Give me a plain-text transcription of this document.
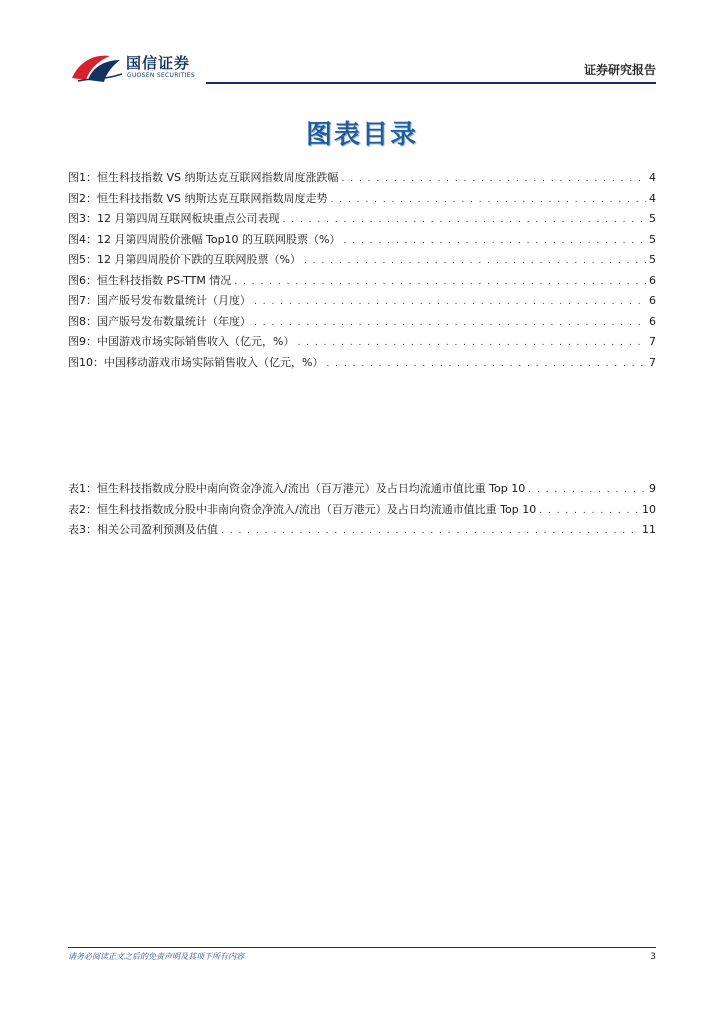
国信证券
GUOSEN SECURITIES	证券研究报告
图表目录
图1： 恒生科技指数 VS 纳斯达克互联网指数周度涨跌幅 . . .	4
图2： 恒生科技指数 VS 纳斯达克互联网指数周度走势 . . .	4
图3： 12 月第四周互联网板块重点公司表现 . . .	5
图4： 12 月第四周股价涨幅 Top10 的互联网股票（%） . . .	5
图5： 12 月第四周股价下跌的互联网股票（%） . . .	5
图6： 恒生科技指数 PS-TTM 情况 . . .	6
图7： 国产版号发布数量统计（月度） . . .	6
图8： 国产版号发布数量统计（年度） . . .	6
图9： 中国游戏市场实际销售收入（亿元，%） . . .	7
图10： 中国移动游戏市场实际销售收入（亿元，%） . . .	7
表1： 恒生科技指数成分股中南向资金净流入/流出（百万港元）及占日均流通市值比重 Top 10 . . .	9
表2： 恒生科技指数成分股中非南向资金净流入/流出（百万港元）及占日均流通市值比重 Top 10 . . .	10
表3： 相关公司盈利预测及估值 . . .	11
请务必阅读正文之后的免责声明及其项下所有内容	3
